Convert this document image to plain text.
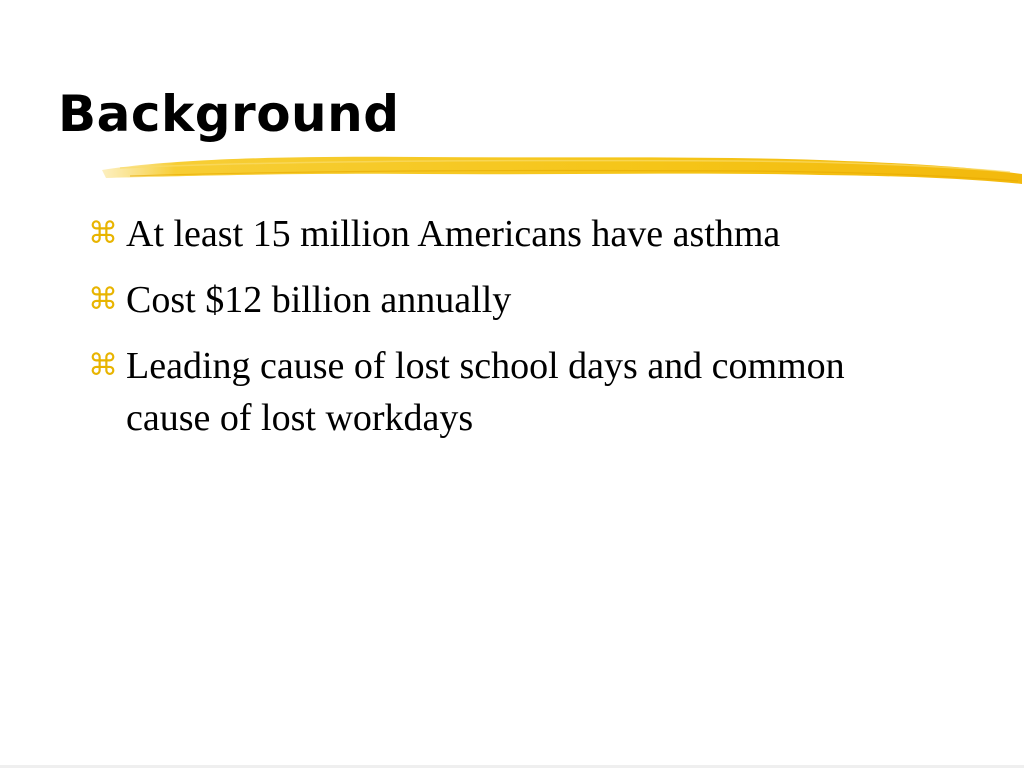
Background
⌘ At least 15 million Americans have asthma
⌘ Cost $12 billion annually
⌘ Leading cause of lost school days and common cause of lost workdays
